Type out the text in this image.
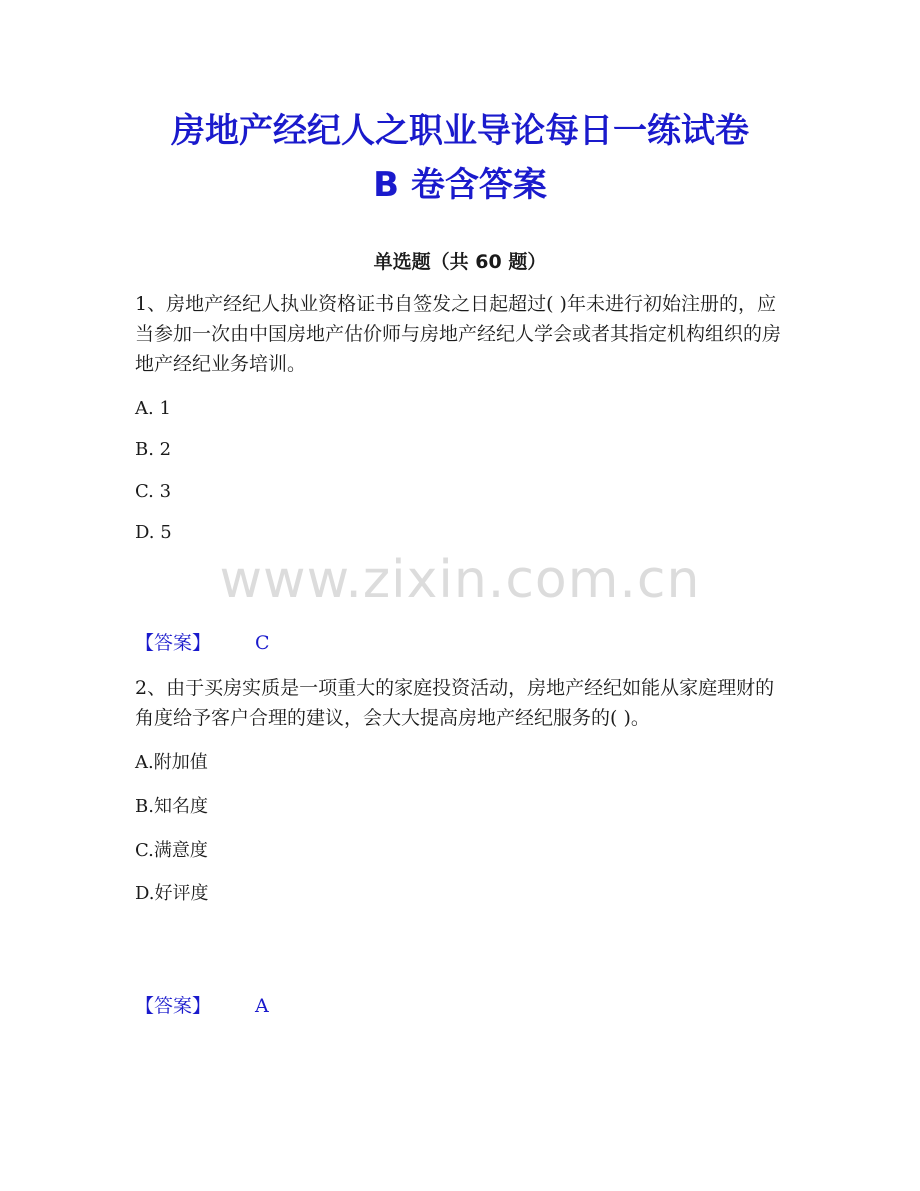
房地产经纪人之职业导论每日一练试卷
B 卷含答案
单选题（共 60 题）
1、房地产经纪人执业资格证书自签发之日起超过( )年未进行初始注册的，应当参加一次由中国房地产估价师与房地产经纪人学会或者其指定机构组织的房地产经纪业务培训。
A. 1
B. 2
C. 3
D. 5
www.zixin.com.cn
【答案】 C
2、由于买房实质是一项重大的家庭投资活动，房地产经纪如能从家庭理财的角度给予客户合理的建议，会大大提高房地产经纪服务的( )。
A.附加值
B.知名度
C.满意度
D.好评度
【答案】 A
